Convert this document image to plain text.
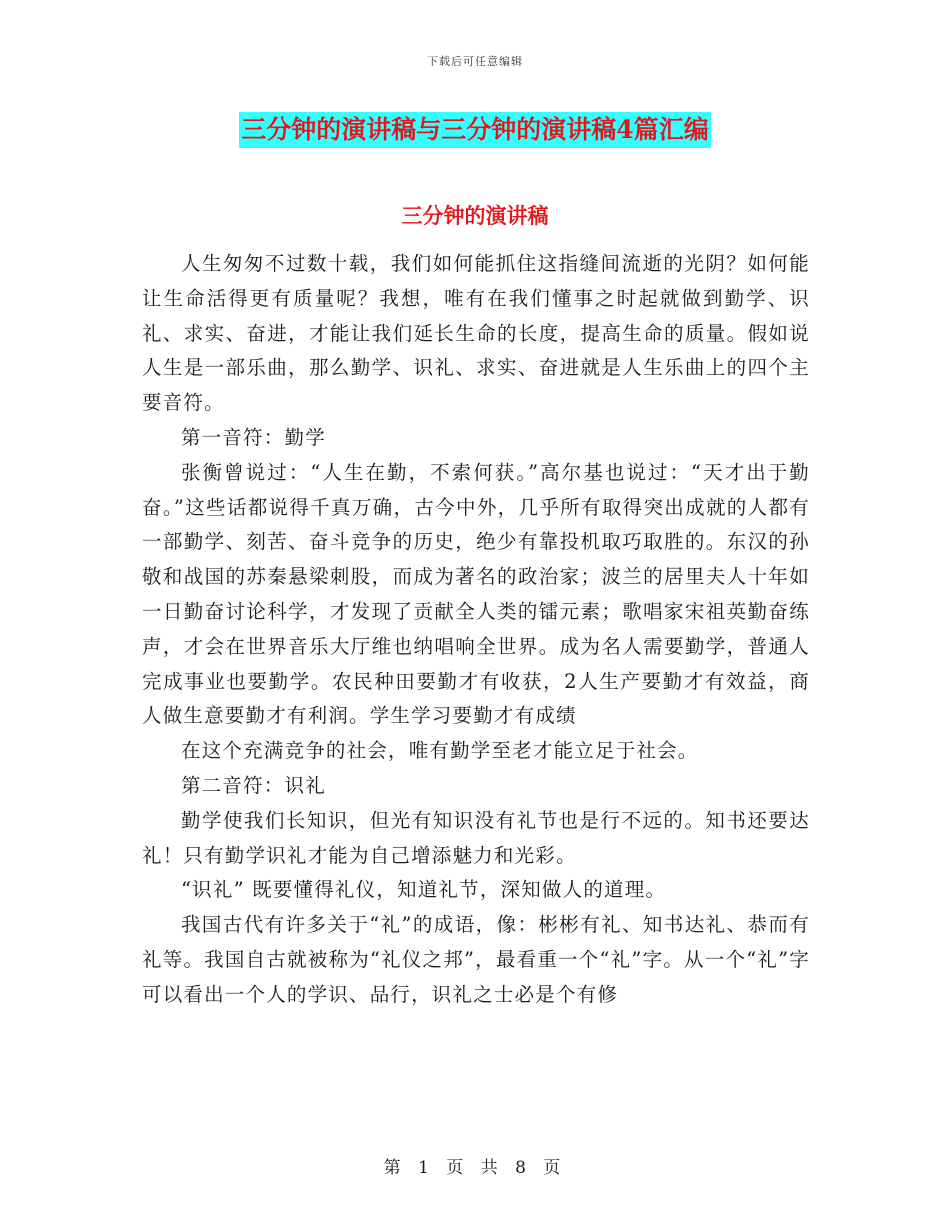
下载后可任意编辑
三分钟的演讲稿与三分钟的演讲稿4篇汇编
三分钟的演讲稿

人生匆匆不过数十载，我们如何能抓住这指缝间流逝的光阴？如何能让生命活得更有质量呢？我想，唯有在我们懂事之时起就做到勤学、识礼、求实、奋进，才能让我们延长生命的长度，提高生命的质量。假如说人生是一部乐曲，那么勤学、识礼、求实、奋进就是人生乐曲上的四个主要音符。

第一音符：勤学

张衡曾说过：“人生在勤，不索何获。”高尔基也说过：“天才出于勤奋。”这些话都说得千真万确，古今中外，几乎所有取得突出成就的人都有一部勤学、刻苦、奋斗竞争的历史，绝少有靠投机取巧取胜的。东汉的孙敬和战国的苏秦悬梁刺股，而成为著名的政治家；波兰的居里夫人十年如一日勤奋讨论科学，才发现了贡献全人类的镭元素；歌唱家宋祖英勤奋练声，才会在世界音乐大厅维也纳唱响全世界。成为名人需要勤学，普通人完成事业也要勤学。农民种田要勤才有收获，2人生产要勤才有效益，商人做生意要勤才有利润。学生学习要勤才有成绩

在这个充满竞争的社会，唯有勤学至老才能立足于社会。

第二音符：识礼

勤学使我们长知识，但光有知识没有礼节也是行不远的。知书还要达礼！只有勤学识礼才能为自己增添魅力和光彩。

“识礼” 既要懂得礼仪，知道礼节，深知做人的道理。

我国古代有许多关于“礼”的成语，像：彬彬有礼、知书达礼、恭而有礼等。我国自古就被称为“礼仪之邦”，最看重一个“礼”字。从一个“礼”字可以看出一个人的学识、品行，识礼之士必是个有修

第 1 页 共 8 页
